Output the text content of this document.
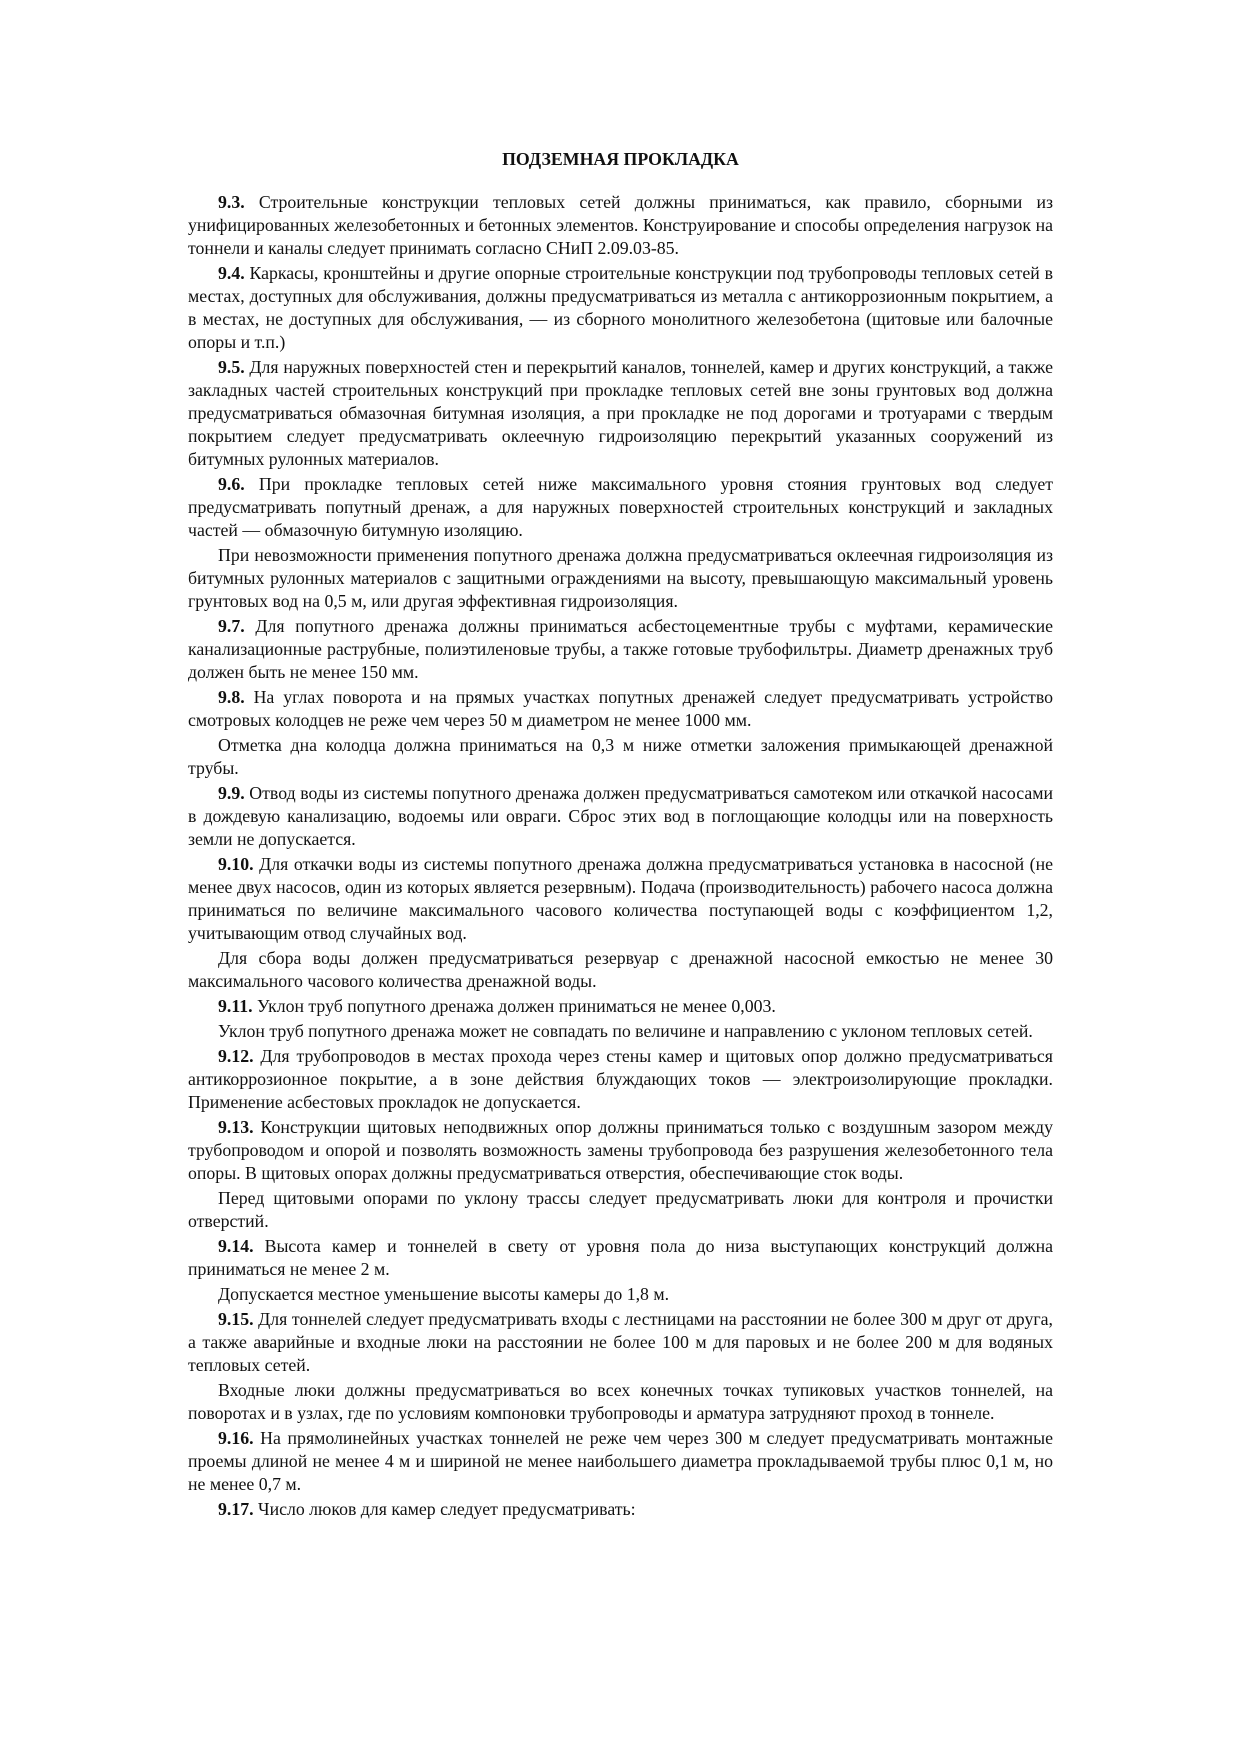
ПОДЗЕМНАЯ ПРОКЛАДКА

9.3. Строительные конструкции тепловых сетей должны приниматься, как правило, сборными из унифицированных железобетонных и бетонных элементов. Конструирование и способы определения нагрузок на тоннели и каналы следует принимать согласно СНиП 2.09.03-85.

9.4. Каркасы, кронштейны и другие опорные строительные конструкции под трубопроводы тепловых сетей в местах, доступных для обслуживания, должны предусматриваться из металла с антикоррозионным покрытием, а в местах, не доступных для обслуживания, — из сборного монолитного железобетона (щитовые или балочные опоры и т.п.)

9.5. Для наружных поверхностей стен и перекрытий каналов, тоннелей, камер и других конструкций, а также закладных частей строительных конструкций при прокладке тепловых сетей вне зоны грунтовых вод должна предусматриваться обмазочная битумная изоляция, а при прокладке не под дорогами и тротуарами с твердым покрытием следует предусматривать оклеечную гидроизоляцию перекрытий указанных сооружений из битумных рулонных материалов.

9.6. При прокладке тепловых сетей ниже максимального уровня стояния грунтовых вод следует предусматривать попутный дренаж, а для наружных поверхностей строительных конструкций и закладных частей — обмазочную битумную изоляцию.

При невозможности применения попутного дренажа должна предусматриваться оклеечная гидроизоляция из битумных рулонных материалов с защитными ограждениями на высоту, превышающую максимальный уровень грунтовых вод на 0,5 м, или другая эффективная гидроизоляция.

9.7. Для попутного дренажа должны приниматься асбестоцементные трубы с муфтами, керамические канализационные раструбные, полиэтиленовые трубы, а также готовые трубофильтры. Диаметр дренажных труб должен быть не менее 150 мм.

9.8. На углах поворота и на прямых участках попутных дренажей следует предусматривать устройство смотровых колодцев не реже чем через 50 м диаметром не менее 1000 мм.

Отметка дна колодца должна приниматься на 0,3 м ниже отметки заложения примыкающей дренажной трубы.

9.9. Отвод воды из системы попутного дренажа должен предусматриваться самотеком или откачкой насосами в дождевую канализацию, водоемы или овраги. Сброс этих вод в поглощающие колодцы или на поверхность земли не допускается.

9.10. Для откачки воды из системы попутного дренажа должна предусматриваться установка в насосной (не менее двух насосов, один из которых является резервным). Подача (производительность) рабочего насоса должна приниматься по величине максимального часового количества поступающей воды с коэффициентом 1,2, учитывающим отвод случайных вод.

Для сбора воды должен предусматриваться резервуар с дренажной насосной емкостью не менее 30 максимального часового количества дренажной воды.

9.11. Уклон труб попутного дренажа должен приниматься не менее 0,003.

Уклон труб попутного дренажа может не совпадать по величине и направлению с уклоном тепловых сетей.

9.12. Для трубопроводов в местах прохода через стены камер и щитовых опор должно предусматриваться антикоррозионное покрытие, а в зоне действия блуждающих токов — электроизолирующие прокладки. Применение асбестовых прокладок не допускается.

9.13. Конструкции щитовых неподвижных опор должны приниматься только с воздушным зазором между трубопроводом и опорой и позволять возможность замены трубопровода без разрушения железобетонного тела опоры. В щитовых опорах должны предусматриваться отверстия, обеспечивающие сток воды.

Перед щитовыми опорами по уклону трассы следует предусматривать люки для контроля и прочистки отверстий.

9.14. Высота камер и тоннелей в свету от уровня пола до низа выступающих конструкций должна приниматься не менее 2 м.

Допускается местное уменьшение высоты камеры до 1,8 м.

9.15. Для тоннелей следует предусматривать входы с лестницами на расстоянии не более 300 м друг от друга, а также аварийные и входные люки на расстоянии не более 100 м для паровых и не более 200 м для водяных тепловых сетей.

Входные люки должны предусматриваться во всех конечных точках тупиковых участков тоннелей, на поворотах и в узлах, где по условиям компоновки трубопроводы и арматура затрудняют проход в тоннеле.

9.16. На прямолинейных участках тоннелей не реже чем через 300 м следует предусматривать монтажные проемы длиной не менее 4 м и шириной не менее наибольшего диаметра прокладываемой трубы плюс 0,1 м, но не менее 0,7 м.

9.17. Число люков для камер следует предусматривать:
